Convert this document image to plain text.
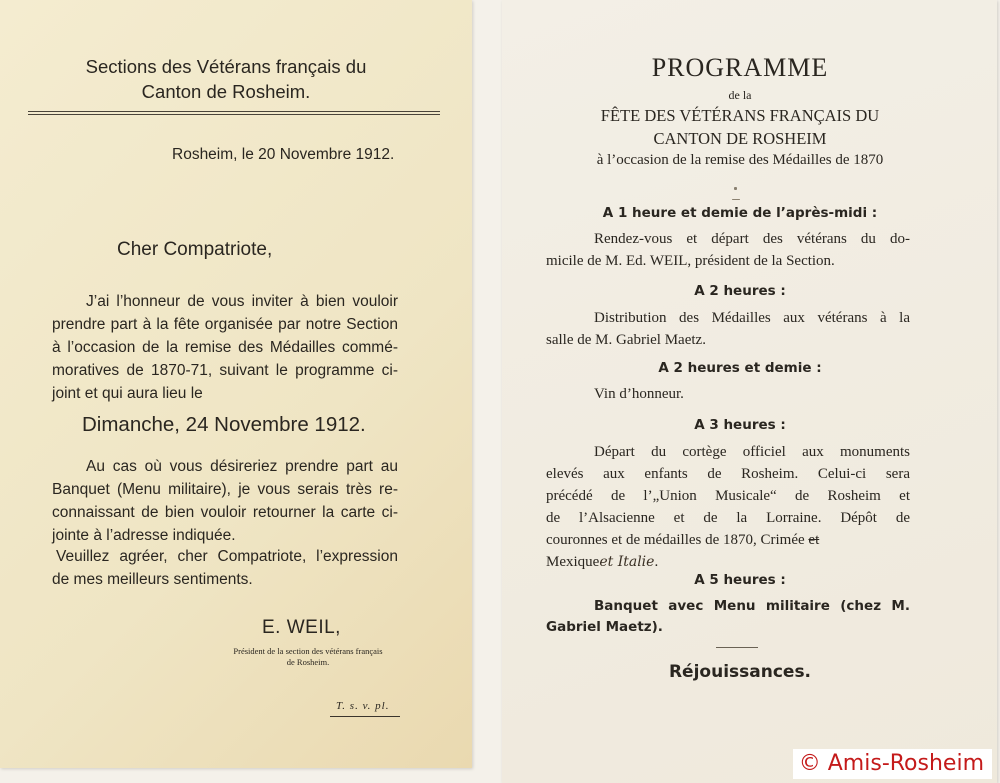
Sections des Vétérans français du
Canton de Rosheim.
Rosheim, le 20 Novembre 1912.
Cher Compatriote,
J’ai l’honneur de vous inviter à bien vouloir
prendre part à la fête organisée par notre Section
à l’occasion de la remise des Médailles commé-
moratives de 1870-71, suivant le programme ci-
joint et qui aura lieu le
Dimanche, 24 Novembre 1912.
Au cas où vous désireriez prendre part au
Banquet (Menu militaire), je vous serais très re-
connaissant de bien vouloir retourner la carte ci-
jointe à l’adresse indiquée.
Veuillez agréer, cher Compatriote, l’expression
de mes meilleurs sentiments.
E. WEIL,
Président de la section des vétérans français
de Rosheim.
T. s. v. pl.
PROGRAMME
de la
FÊTE DES VÉTÉRANS FRANÇAIS DU
CANTON DE ROSHEIM
à l’occasion de la remise des Médailles de 1870
A 1 heure et demie de l’après-midi :
Rendez-vous et départ des vétérans du do-
micile de M. Ed. WEIL, président de la Section.
A 2 heures :
Distribution des Médailles aux vétérans à la
salle de M. Gabriel Maetz.
A 2 heures et demie :
Vin d’honneur.
A 3 heures :
Départ du cortège officiel aux monuments
elevés aux enfants de Rosheim. Celui-ci sera
précédé de l’„Union Musicale“ de Rosheim et
de l’Alsacienne et de la Lorraine. Dépôt de
couronnes et de médailles de 1870, Crimée et
Mexiqueet Italie.
A 5 heures :
Banquet avec Menu militaire (chez M.
Gabriel Maetz).
Réjouissances.
© Amis-Rosheim
